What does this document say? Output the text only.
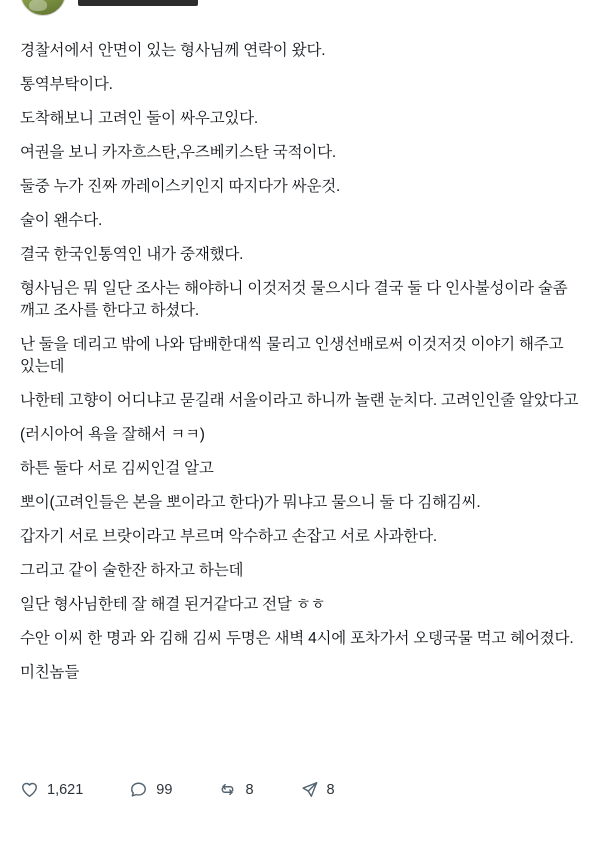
경찰서에서 안면이 있는 형사님께 연락이 왔다.

통역부탁이다.

도착해보니 고려인 둘이 싸우고있다.

여권을 보니 카자흐스탄,우즈베키스탄 국적이다.

둘중 누가 진짜 까레이스키인지 따지다가 싸운것.

술이 왠수다.

결국 한국인통역인 내가 중재했다.

형사님은 뭐 일단 조사는 해야하니 이것저것 물으시다 결국 둘 다 인사불성이라 술좀 깨고 조사를 한다고 하셨다.

난 둘을 데리고 밖에 나와 담배한대씩 물리고 인생선배로써 이것저것 이야기 해주고 있는데

나한테 고향이 어디냐고 묻길래 서울이라고 하니까 놀랜 눈치다. 고려인인줄 알았다고

(러시아어 욕을 잘해서 ㅋㅋ)

하튼 둘다 서로 김씨인걸 알고

뽀이(고려인들은 본을 뽀이라고 한다)가 뭐냐고 물으니 둘 다 김해김씨.

갑자기 서로 브랏이라고 부르며 악수하고 손잡고 서로 사과한다.

그리고 같이 술한잔 하자고 하는데

일단 형사님한테 잘 해결 된거같다고 전달 ㅎㅎ

수안 이씨 한 명과 와 김해 김씨 두명은 새벽 4시에 포차가서 오뎅국물 먹고 헤어졌다.

미친놈들

1,621	99	8	8
